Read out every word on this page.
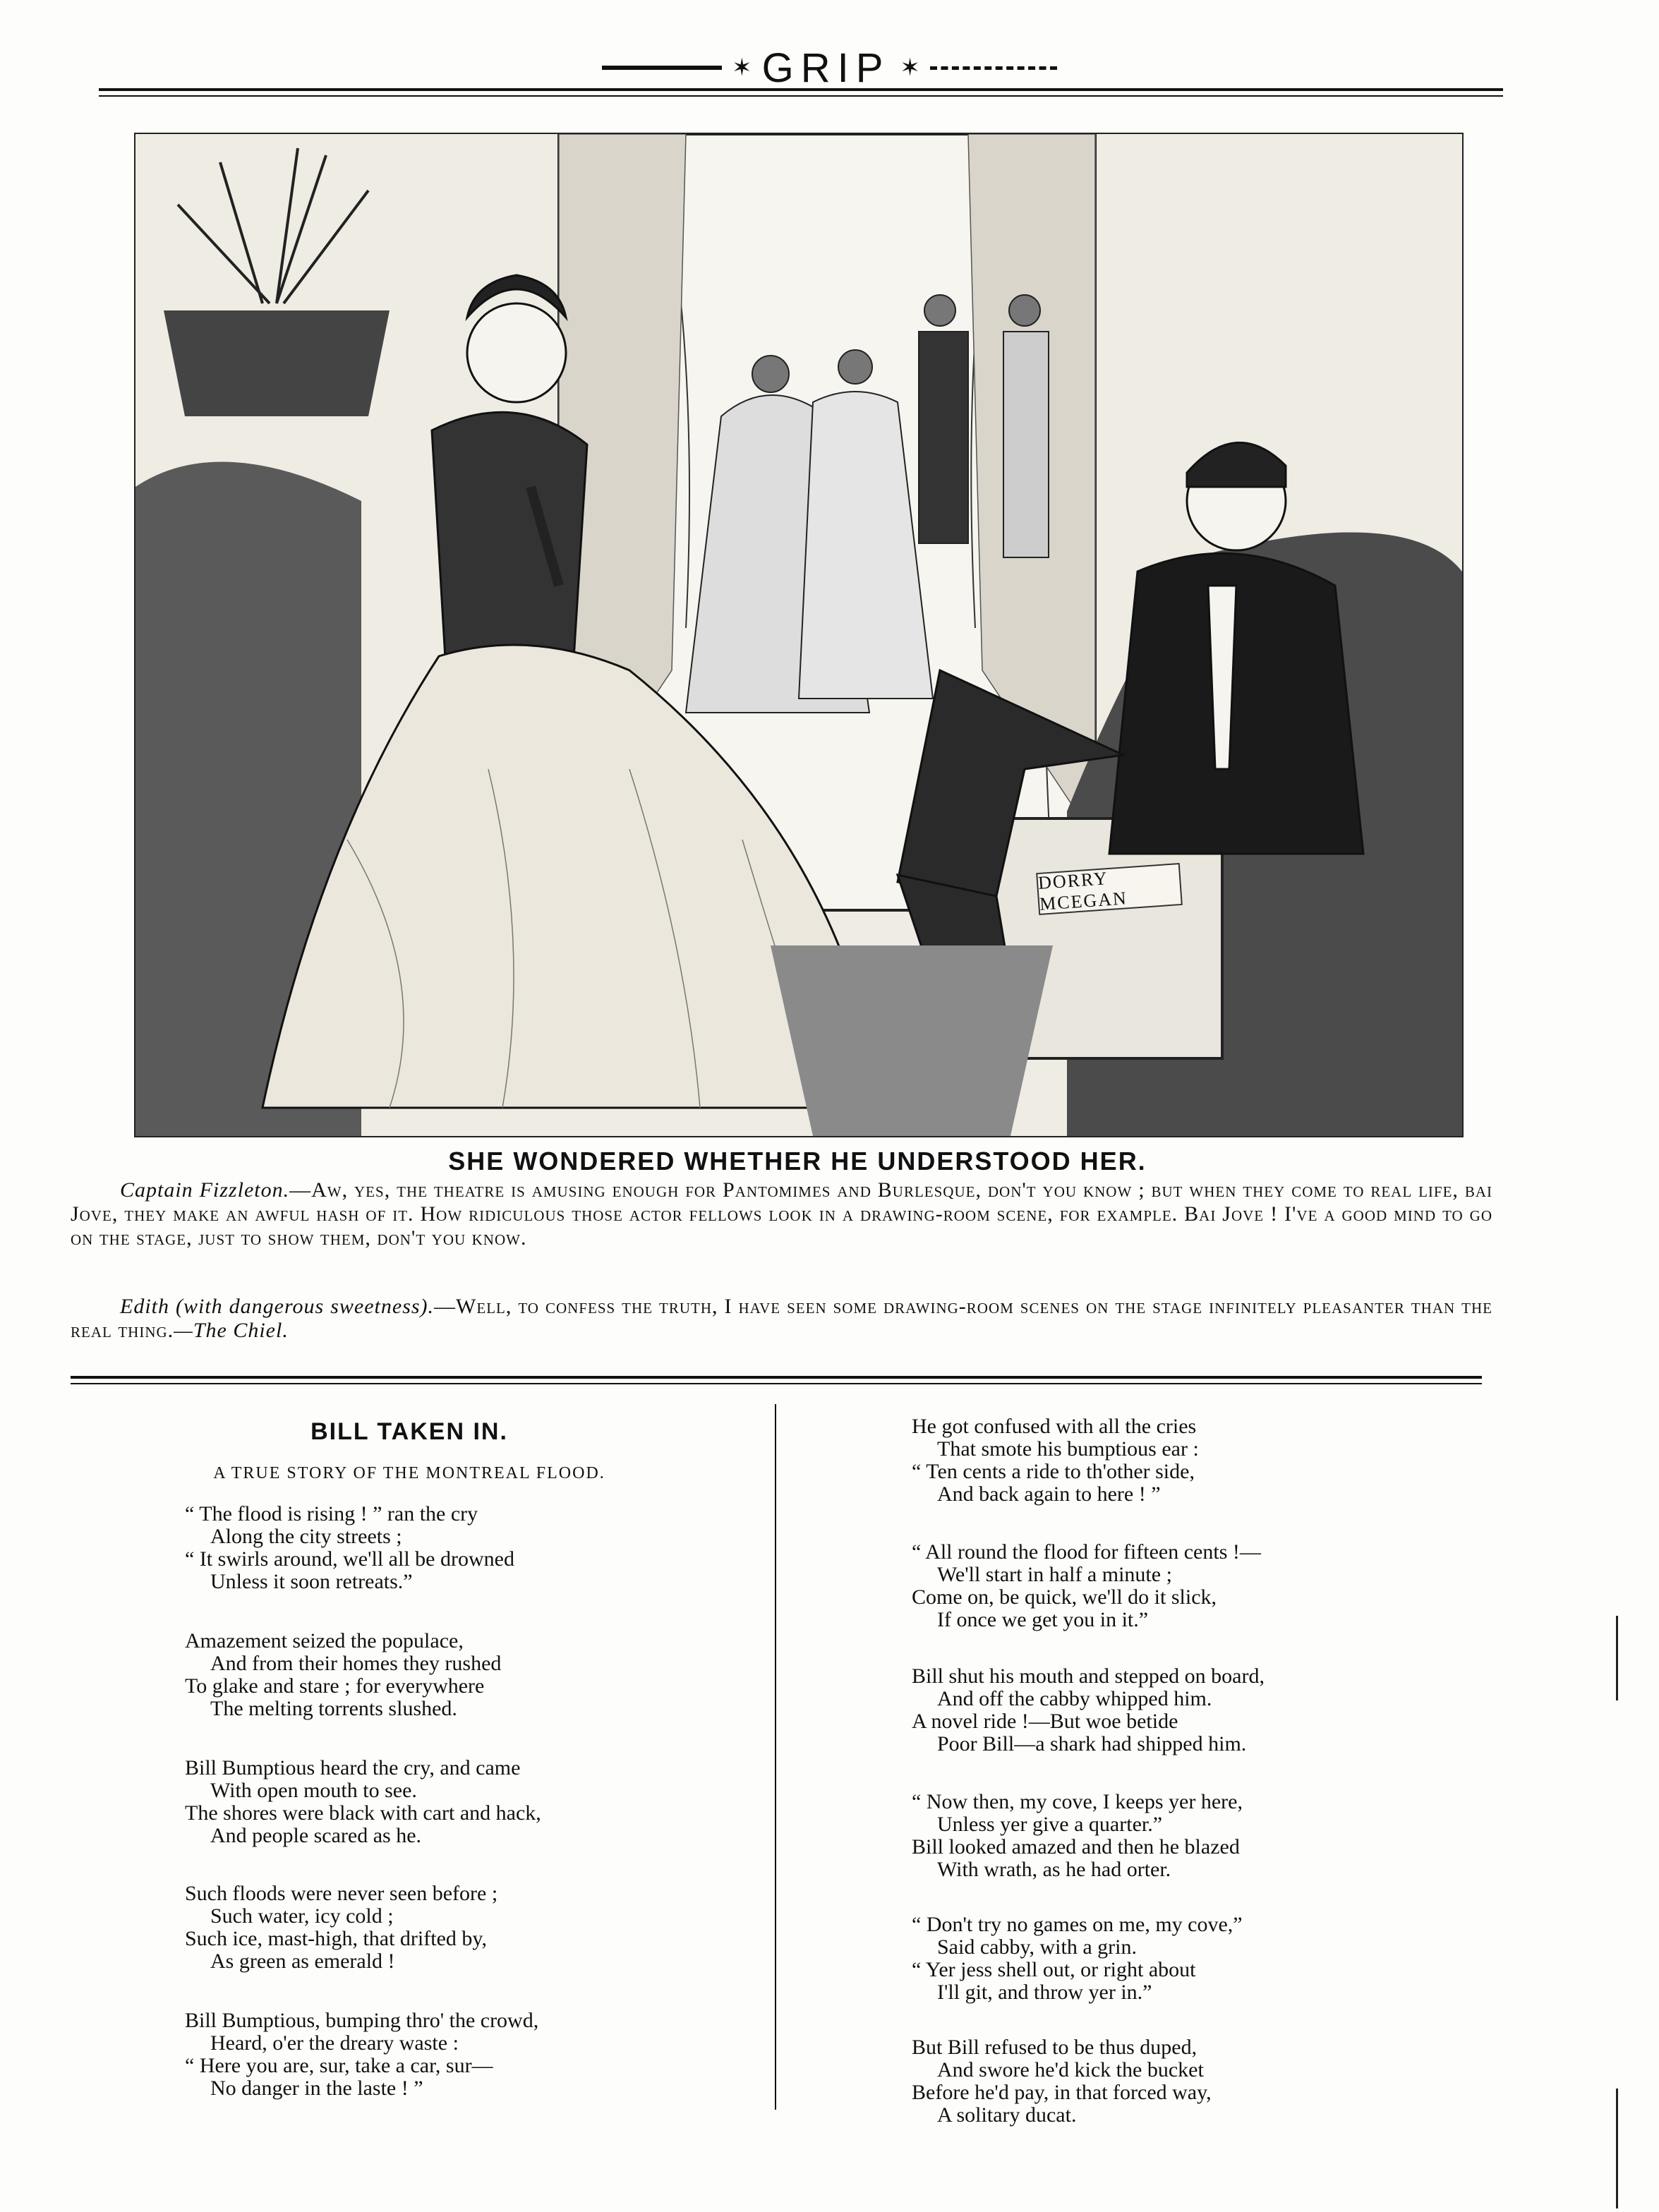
✶ GRIP ✶
DORRY MCEGAN
SHE WONDERED WHETHER HE UNDERSTOOD HER.
Captain Fizzleton.—Aw, yes, the theatre is amusing enough for Pantomimes and Burlesque, don't you know ; but when they come to real life, bai Jove, they make an awful hash of it. How ridiculous those actor fellows look in a drawing-room scene, for example. Bai Jove ! I've a good mind to go on the stage, just to show them, don't you know.
Edith (with dangerous sweetness).—Well, to confess the truth, I have seen some drawing-room scenes on the stage infinitely pleasanter than the real thing.—The Chiel.
BILL TAKEN IN.
A TRUE STORY OF THE MONTREAL FLOOD.
“ The flood is rising ! ” ran the cry
Along the city streets ;
“ It swirls around, we'll all be drowned
Unless it soon retreats.”
Amazement seized the populace,
And from their homes they rushed
To glake and stare ; for everywhere
The melting torrents slushed.
Bill Bumptious heard the cry, and came
With open mouth to see.
The shores were black with cart and hack,
And people scared as he.
Such floods were never seen before ;
Such water, icy cold ;
Such ice, mast-high, that drifted by,
As green as emerald !
Bill Bumptious, bumping thro' the crowd,
Heard, o'er the dreary waste :
“ Here you are, sur, take a car, sur—
No danger in the laste ! ”
He got confused with all the cries
That smote his bumptious ear :
“ Ten cents a ride to th'other side,
And back again to here ! ”
“ All round the flood for fifteen cents !—
We'll start in half a minute ;
Come on, be quick, we'll do it slick,
If once we get you in it.”
Bill shut his mouth and stepped on board,
And off the cabby whipped him.
A novel ride !—But woe betide
Poor Bill—a shark had shipped him.
“ Now then, my cove, I keeps yer here,
Unless yer give a quarter.”
Bill looked amazed and then he blazed
With wrath, as he had orter.
“ Don't try no games on me, my cove,”
Said cabby, with a grin.
“ Yer jess shell out, or right about
I'll git, and throw yer in.”
But Bill refused to be thus duped,
And swore he'd kick the bucket
Before he'd pay, in that forced way,
A solitary ducat.
